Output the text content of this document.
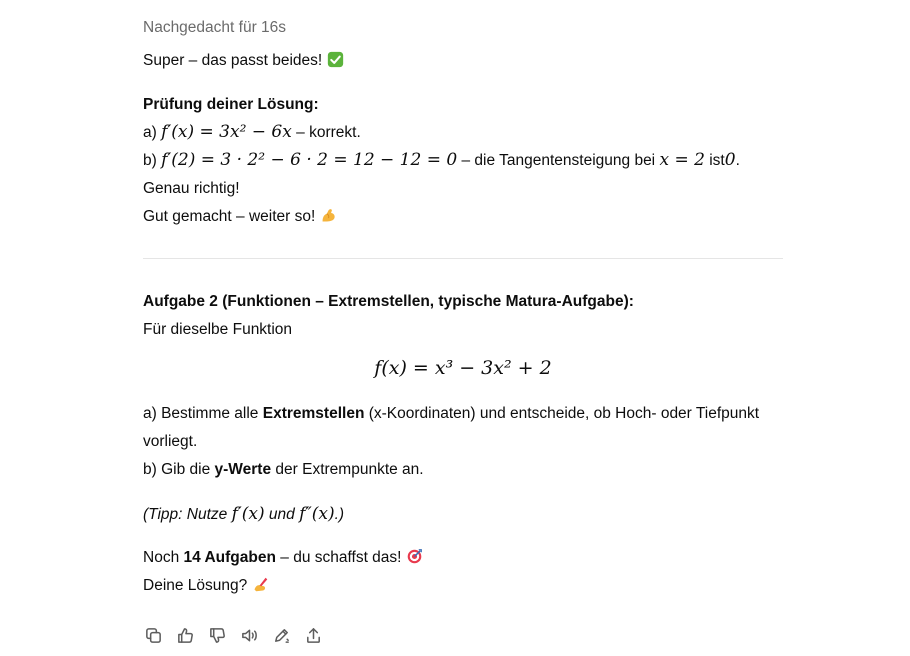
Nachgedacht für 16s
Super – das passt beides!
Prüfung deiner Lösung:
a) f′(x) = 3x² − 6x – korrekt.
b) f′(2) = 3 · 2² − 6 · 2 = 12 − 12 = 0 – die Tangentensteigung bei x = 2 ist0.
Genau richtig!
Gut gemacht – weiter so!
Aufgabe 2 (Funktionen – Extremstellen, typische Matura-Aufgabe):
Für dieselbe Funktion
f(x) = x³ − 3x² + 2
a) Bestimme alle Extremstellen (x-Koordinaten) und entscheide, ob Hoch- oder Tiefpunkt
vorliegt.
b) Gib die y-Werte der Extrempunkte an.
(Tipp: Nutze f′(x) und f″(x).)
Noch 14 Aufgaben – du schaffst das!
Deine Lösung?
